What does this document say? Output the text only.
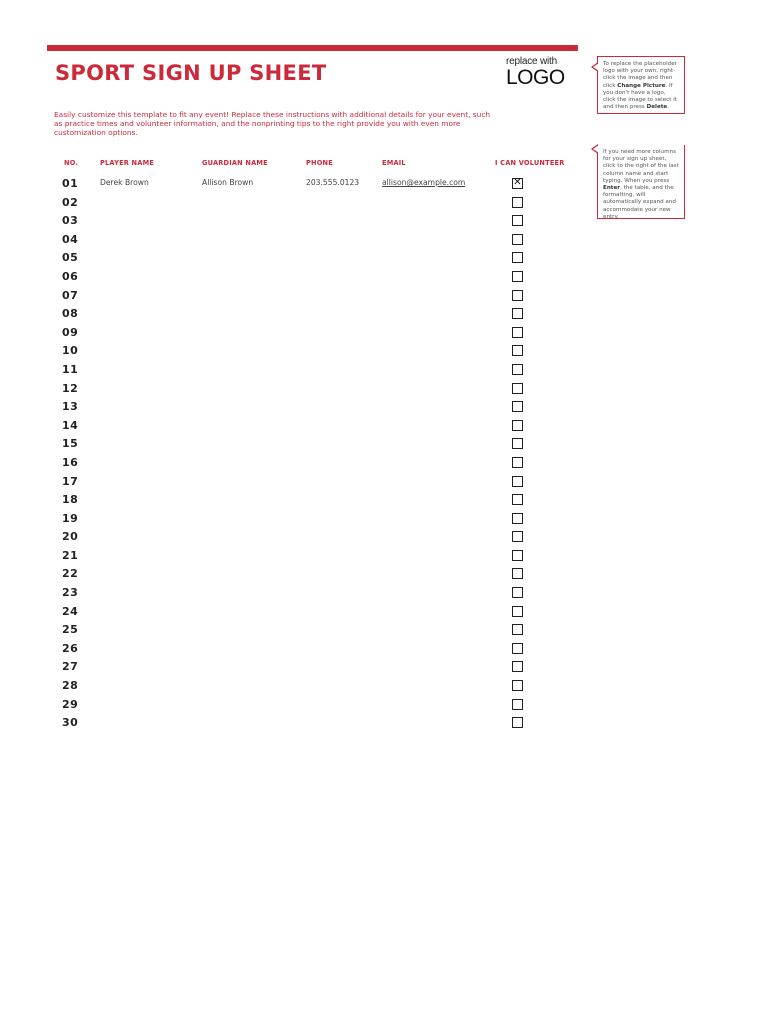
SPORT SIGN UP SHEET	replace with
LOGO
Easily customize this template to fit any event! Replace these instructions with additional details for your event, such as practice times and volunteer information, and the nonprinting tips to the right provide you with even more customization options.
To replace the placeholder logo with your own, right-click the image and then click Change Picture. If you don't have a logo, click the image to select it and then press Delete.
If you need more columns for your sign up sheet, click to the right of the last column name and start typing. When you press Enter, the table, and the formatting, will automatically expand and accommodate your new entry.
NO.	PLAYER NAME	GUARDIAN NAME	PHONE	EMAIL	I CAN VOLUNTEER
01	Derek Brown	Allison Brown	203.555.0123	allison@example.com	✕
02
03
04
05
06
07
08
09
10
11
12
13
14
15
16
17
18
19
20
21
22
23
24
25
26
27
28
29
30
